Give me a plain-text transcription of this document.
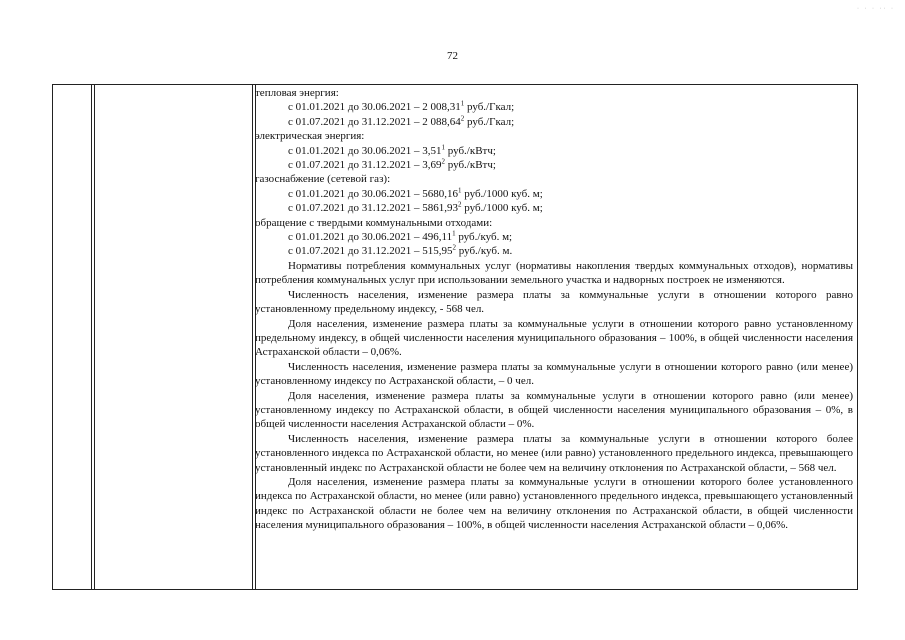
· · · ·· ·
72

тепловая энергия:

с 01.01.2021 до 30.06.2021 – 2 008,31$^1$ руб./Гкал;

с 01.07.2021 до 31.12.2021 – 2 088,64$^2$ руб./Гкал;

электрическая энергия:

с 01.01.2021 до 30.06.2021 – 3,51$^1$ руб./кВтч;

с 01.07.2021 до 31.12.2021 – 3,69$^2$ руб./кВтч;

газоснабжение (сетевой газ):

с 01.01.2021 до 30.06.2021 – 5680,16$^1$ руб./1000 куб. м;

с 01.07.2021 до 31.12.2021 – 5861,93$^2$ руб./1000 куб. м;

обращение с твердыми коммунальными отходами:

с 01.01.2021 до 30.06.2021 – 496,11$^1$ руб./куб. м;

с 01.07.2021 до 31.12.2021 – 515,95$^2$ руб./куб. м.

Нормативы потребления коммунальных услуг (нормативы накопления твердых коммунальных отходов), нормативы потребления коммунальных услуг при использовании земельного участка и надворных построек не изменяются.

Численность населения, изменение размера платы за коммунальные услуги в отношении которого равно установленному предельному индексу, - 568 чел.

Доля населения, изменение размера платы за коммунальные услуги в отношении которого равно установленному предельному индексу, в общей численности населения муниципального образования – 100%, в общей численности населения Астраханской области – 0,06%.

Численность населения, изменение размера платы за коммунальные услуги в отношении которого равно (или менее) установленному индексу по Астраханской области, – 0 чел.

Доля населения, изменение размера платы за коммунальные услуги в отношении которого равно (или менее) установленному индексу по Астраханской области, в общей численности населения муниципального образования – 0%, в общей численности населения Астраханской области – 0%.

Численность населения, изменение размера платы за коммунальные услуги в отношении которого более установленного индекса по Астраханской области, но менее (или равно) установленного предельного индекса, превышающего установленный индекс по Астраханской области не более чем на величину отклонения по Астраханской области, – 568 чел.

Доля населения, изменение размера платы за коммунальные услуги в отношении которого более установленного индекса по Астраханской области, но менее (или равно) установленного предельного индекса, превышающего установленный индекс по Астраханской области не более чем на величину отклонения по Астраханской области, в общей численности населения муниципального образования – 100%, в общей численности населения Астраханской области – 0,06%.
